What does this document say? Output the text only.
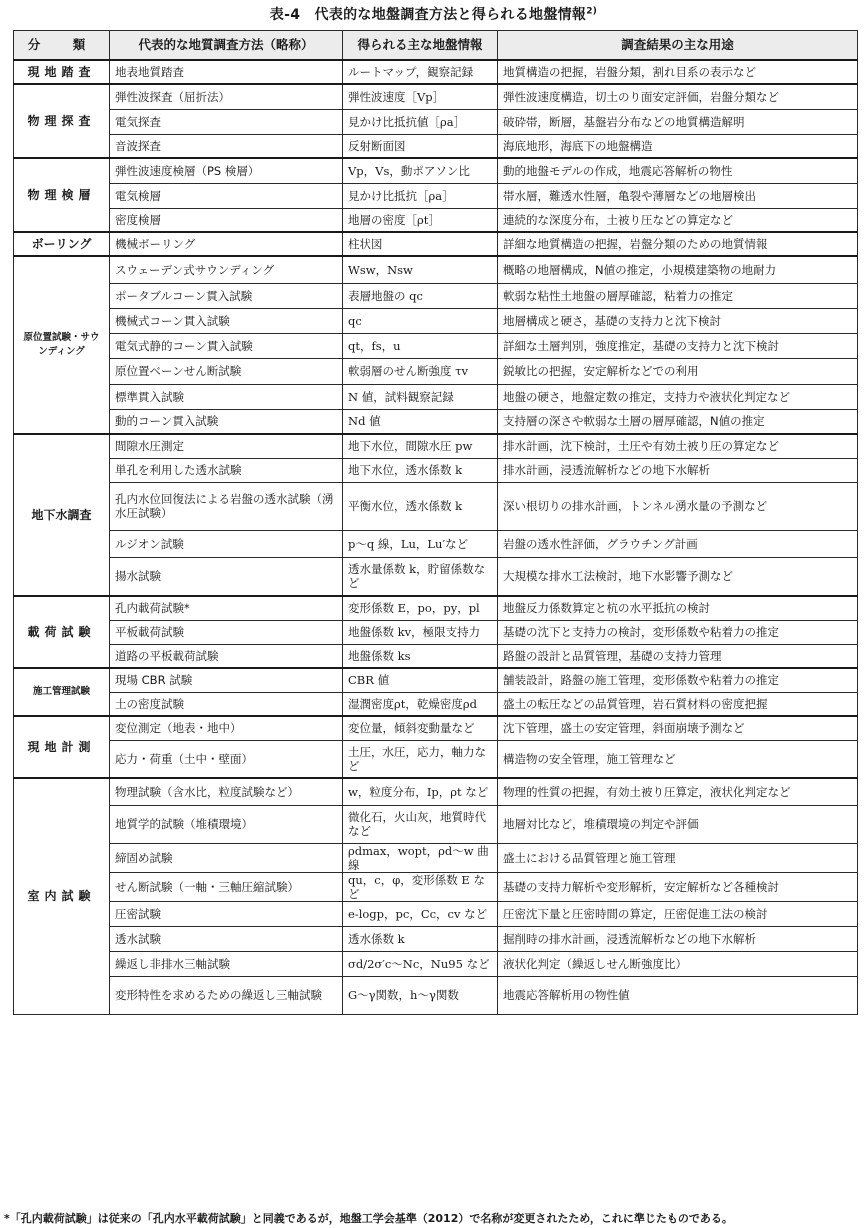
表-4　代表的な地盤調査方法と得られる地盤情報$^{2)}$
分　類	代表的な地質調査方法（略称）	得られる主な地盤情報	調査結果の主な用途
現地踏査	地表地質踏査	ルートマップ，観察記録	地質構造の把握，岩盤分類，割れ目系の表示など
物理探査	弾性波探査（屈折法）	弾性波速度［Vp］	弾性波速度構造，切土のり面安定評価，岩盤分類など
	電気探査	見かけ比抵抗値［ρa］	破砕帯，断層，基盤岩分布などの地質構造解明
	音波探査	反射断面図	海底地形，海底下の地盤構造
物理検層	弾性波速度検層（PS 検層）	Vp，Vs，動ポアソン比	動的地盤モデルの作成，地震応答解析の物性
	電気検層	見かけ比抵抗［ρa］	帯水層，難透水性層，亀裂や薄層などの地層検出
	密度検層	地層の密度［ρt］	連続的な深度分布，土被り圧などの算定など
ボーリング	機械ボーリング	柱状図	詳細な地質構造の把握，岩盤分類のための地質情報
原位置試験・サウンディング	スウェーデン式サウンディング	Wsw，Nsw	概略の地層構成，N値の推定，小規模建築物の地耐力
	ポータブルコーン貫入試験	表層地盤の qc	軟弱な粘性土地盤の層厚確認，粘着力の推定
	機械式コーン貫入試験	qc	地層構成と硬さ，基礎の支持力と沈下検討
	電気式静的コーン貫入試験	qt，fs，u	詳細な土層判別，強度推定，基礎の支持力と沈下検討
	原位置ベーンせん断試験	軟弱層のせん断強度 τv	鋭敏比の把握，安定解析などでの利用
	標準貫入試験	N 値，試料観察記録	地盤の硬さ，地盤定数の推定，支持力や液状化判定など
	動的コーン貫入試験	Nd 値	支持層の深さや軟弱な土層の層厚確認，N値の推定
地下水調査	間隙水圧測定	地下水位，間隙水圧 pw	排水計画，沈下検討，土圧や有効土被り圧の算定など
	単孔を利用した透水試験	地下水位，透水係数 k	排水計画，浸透流解析などの地下水解析
	孔内水位回復法による岩盤の透水試験（湧水圧試験）	平衡水位，透水係数 k	深い根切りの排水計画，トンネル湧水量の予測など
	ルジオン試験	p〜q 線，Lu，Lu′など	岩盤の透水性評価，グラウチング計画
	揚水試験	透水量係数 k，貯留係数など	大規模な排水工法検討，地下水影響予測など
載荷試験	孔内載荷試験*	変形係数 E，po，py，pl	地盤反力係数算定と杭の水平抵抗の検討
	平板載荷試験	地盤係数 kv，極限支持力	基礎の沈下と支持力の検討，変形係数や粘着力の推定
	道路の平板載荷試験	地盤係数 ks	路盤の設計と品質管理，基礎の支持力管理
施工管理試験	現場 CBR 試験	CBR 値	舗装設計，路盤の施工管理，変形係数や粘着力の推定
	土の密度試験	湿潤密度ρt，乾燥密度ρd	盛土の転圧などの品質管理，岩石質材料の密度把握
現地計測	変位測定（地表・地中）	変位量，傾斜変動量など	沈下管理，盛土の安定管理，斜面崩壊予測など
	応力・荷重（土中・壁面）	土圧，水圧，応力，軸力など	構造物の安全管理，施工管理など
室内試験	物理試験（含水比，粒度試験など）	w，粒度分布，Ip，ρt など	物理的性質の把握，有効土被り圧算定，液状化判定など
	地質学的試験（堆積環境）	微化石，火山灰，地質時代など	地層対比など，堆積環境の判定や評価
	締固め試験	ρdmax，wopt，ρd〜w 曲線	盛土における品質管理と施工管理
	せん断試験（一軸・三軸圧縮試験）	qu，c，φ，変形係数 E など	基礎の支持力解析や変形解析，安定解析など各種検討
	圧密試験	e-logp，pc，Cc，cv など	圧密沈下量と圧密時間の算定，圧密促進工法の検討
	透水試験	透水係数 k	掘削時の排水計画，浸透流解析などの地下水解析
	繰返し非排水三軸試験	σd/2σ′c〜Nc，Nu95 など	液状化判定（繰返しせん断強度比）
	変形特性を求めるための繰返し三軸試験	G〜γ関数，h〜γ関数	地震応答解析用の物性値
*「孔内載荷試験」は従来の「孔内水平載荷試験」と同義であるが，地盤工学会基準（2012）で名称が変更されたため，これに準じたものである。
